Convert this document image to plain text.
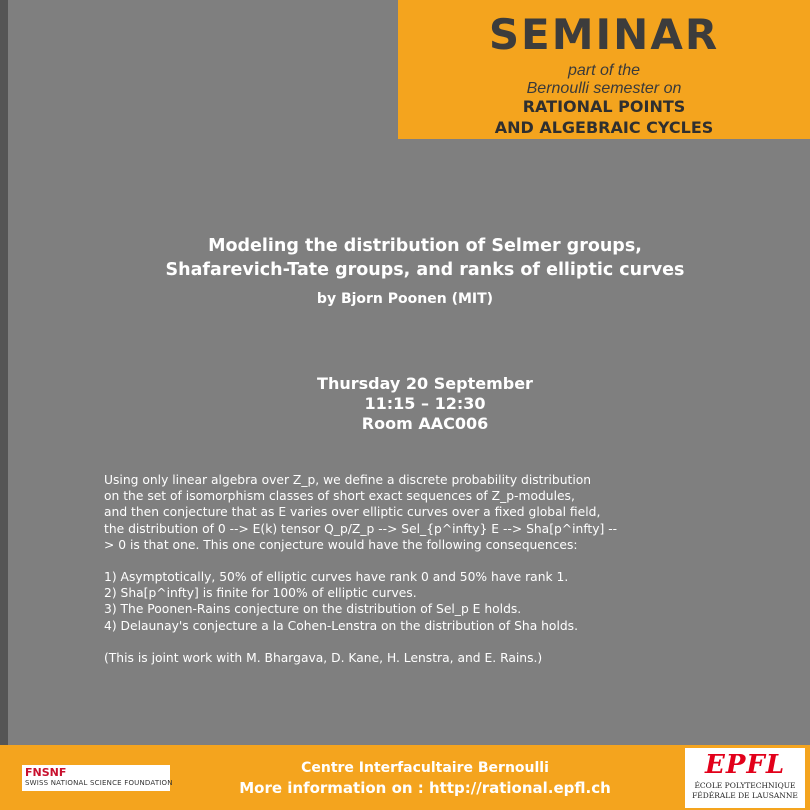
SEMINAR
part of the
Bernoulli semester on
RATIONAL POINTS
AND ALGEBRAIC CYCLES
Modeling the distribution of Selmer groups,
Shafarevich-Tate groups, and ranks of elliptic curves
by Bjorn Poonen (MIT)
Thursday 20 September
11:15 – 12:30
Room AAC006
Using only linear algebra over Z_p, we define a discrete probability distribution
on the set of isomorphism classes of short exact sequences of Z_p-modules,
and then conjecture that as E varies over elliptic curves over a fixed global field,
the distribution of 0 --> E(k) tensor Q_p/Z_p --> Sel_{p^infty} E --> Sha[p^infty] --
> 0 is that one. This one conjecture would have the following consequences:
1) Asymptotically, 50% of elliptic curves have rank 0 and 50% have rank 1.
2) Sha[p^infty] is finite for 100% of elliptic curves.
3) The Poonen-Rains conjecture on the distribution of Sel_p E holds.
4) Delaunay's conjecture a la Cohen-Lenstra on the distribution of Sha holds.
(This is joint work with M. Bhargava, D. Kane, H. Lenstra, and E. Rains.)
FNSNF
SWISS NATIONAL SCIENCE FOUNDATION
Centre Interfacultaire Bernoulli
More information on : http://rational.epfl.ch
EPFL
ÉCOLE POLYTECHNIQUE
FÉDÉRALE DE LAUSANNE
